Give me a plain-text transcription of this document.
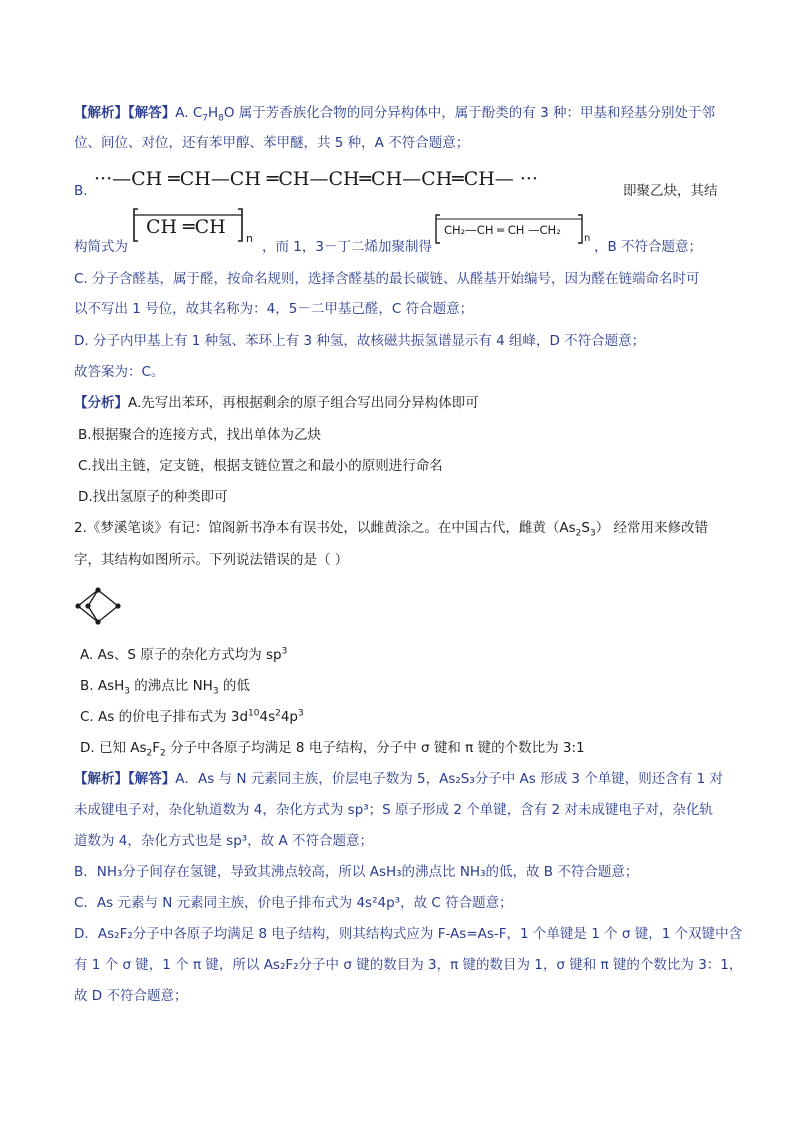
【解析】【解答】A. $C_7H_8O$ 属于芳香族化合物的同分异构体中，属于酚类的有 3 种：甲基和羟基分别处于邻
位、间位、对位，还有苯甲醇、苯甲醚，共 5 种，A 不符合题意；
B.
···—CH ═CH—CH ═CH—CH═CH—CH═CH— ···
即聚乙炔，其结
构简式为
CH ═CH
n
，而 1，3－丁二烯加聚制得
CH₂—CH ═ CH —CH₂
n
，B 不符合题意；
C. 分子含醛基，属于醛，按命名规则，选择含醛基的最长碳链、从醛基开始编号，因为醛在链端命名时可
以不写出 1 号位，故其名称为：4，5－二甲基己醛，C 符合题意；
D. 分子内甲基上有 1 种氢、苯环上有 3 种氢，故核磁共振氢谱显示有 4 组峰，D 不符合题意；
故答案为：C。
【分析】A.先写出苯环，再根据剩余的原子组合写出同分异构体即可
B.根据聚合的连接方式，找出单体为乙炔
C.找出主链，定支链，根据支链位置之和最小的原则进行命名
D.找出氢原子的种类即可
2.《梦溪笔谈》有记：馆阁新书净本有误书处，以雌黄涂之。在中国古代，雌黄$(As_2S_3)$ 经常用来修改错
字，其结构如图所示。下列说法错误的是（ ）
A. As、S 原子的杂化方式均为 $sp^3$
B. AsH$_3$ 的沸点比 $NH_3$ 的低
C. As 的价电子排布式为 $3d^{10}4s^24p^3$
D. 已知 $As_2F_2$ 分子中各原子均满足 8 电子结构，分子中 σ 键和 π 键的个数比为 3:1
【解析】【解答】A．As 与 N 元素同主族，价层电子数为 5，As₂S₃分子中 As 形成 3 个单键，则还含有 1 对
未成键电子对，杂化轨道数为 4，杂化方式为 sp³；S 原子形成 2 个单键，含有 2 对未成键电子对，杂化轨
道数为 4，杂化方式也是 sp³，故 A 不符合题意；
B．NH₃分子间存在氢键，导致其沸点较高，所以 AsH₃的沸点比 NH₃的低，故 B 不符合题意；
C．As 元素与 N 元素同主族，价电子排布式为 4s²4p³，故 C 符合题意；
D．As₂F₂分子中各原子均满足 8 电子结构，则其结构式应为 F-As=As-F，1 个单键是 1 个 σ 键，1 个双键中含
有 1 个 σ 键，1 个 π 键，所以 As₂F₂分子中 σ 键的数目为 3，π 键的数目为 1，σ 键和 π 键的个数比为 3：1，
故 D 不符合题意；
